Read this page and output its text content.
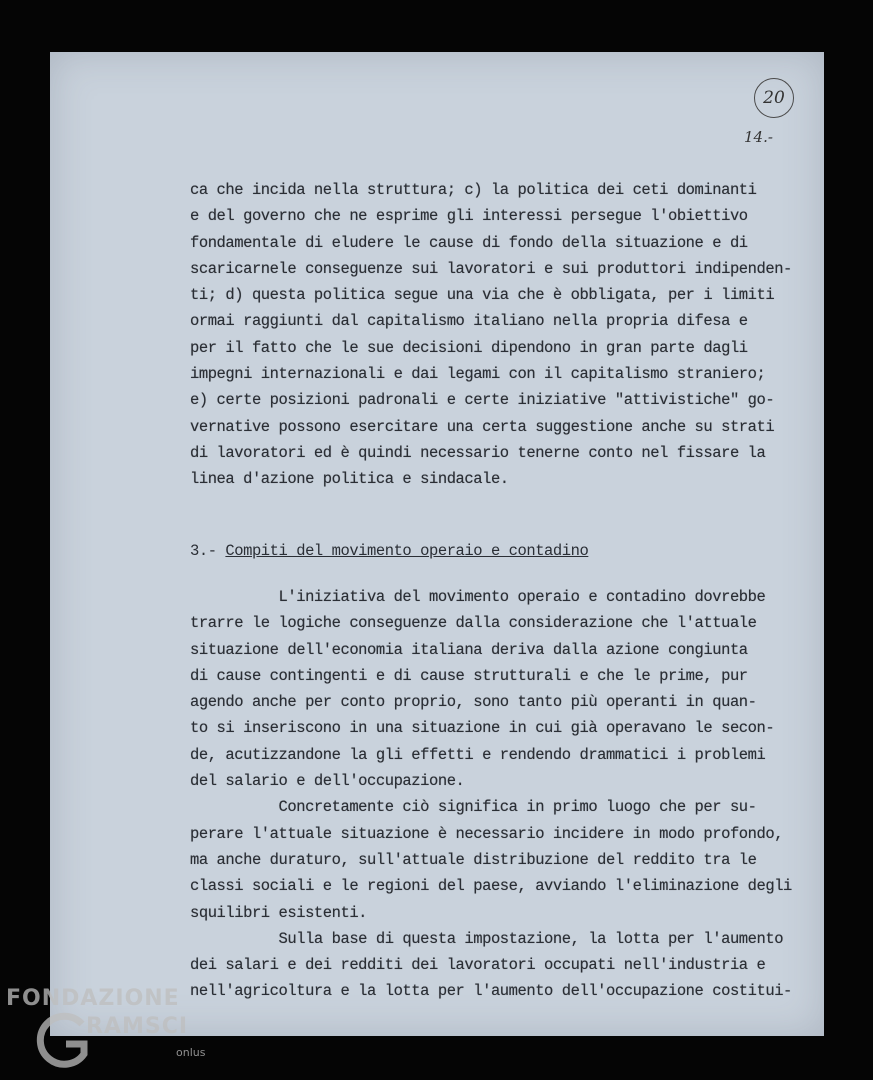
20
14.-
ca che incida nella struttura; c) la politica dei ceti dominanti
e del governo che ne esprime gli interessi persegue l'obiettivo
fondamentale di eludere le cause di fondo della situazione e di
scaricarnele conseguenze sui lavoratori e sui produttori indipenden-
ti; d) questa politica segue una via che è obbligata, per i limiti
ormai raggiunti dal capitalismo italiano nella propria difesa e
per il fatto che le sue decisioni dipendono in gran parte dagli
impegni internazionali e dai legami con il capitalismo straniero;
e) certe posizioni padronali e certe iniziative "attivistiche" go-
vernative possono esercitare una certa suggestione anche su strati
di lavoratori ed è quindi necessario tenerne conto nel fissare la
linea d'azione politica e sindacale.
3.- Compiti del movimento operaio e contadino
L'iniziativa del movimento operaio e contadino dovrebbe
trarre le logiche conseguenze dalla considerazione che l'attuale
situazione dell'economia italiana deriva dalla azione congiunta
di cause contingenti e di cause strutturali e che le prime, pur
agendo anche per conto proprio, sono tanto più operanti in quan-
to si inseriscono in una situazione in cui già operavano le secon-
de, acutizzandone la gli effetti e rendendo drammatici i problemi
del salario e dell'occupazione.
Concretamente ciò significa in primo luogo che per su-
perare l'attuale situazione è necessario incidere in modo profondo,
ma anche duraturo, sull'attuale distribuzione del reddito tra le
classi sociali e le regioni del paese, avviando l'eliminazione degli
squilibri esistenti.
Sulla base di questa impostazione, la lotta per l'aumento
dei salari e dei redditi dei lavoratori occupati nell'industria e
nell'agricoltura e la lotta per l'aumento dell'occupazione costitui-
FONDAZIONE
RAMSCI
onlus
